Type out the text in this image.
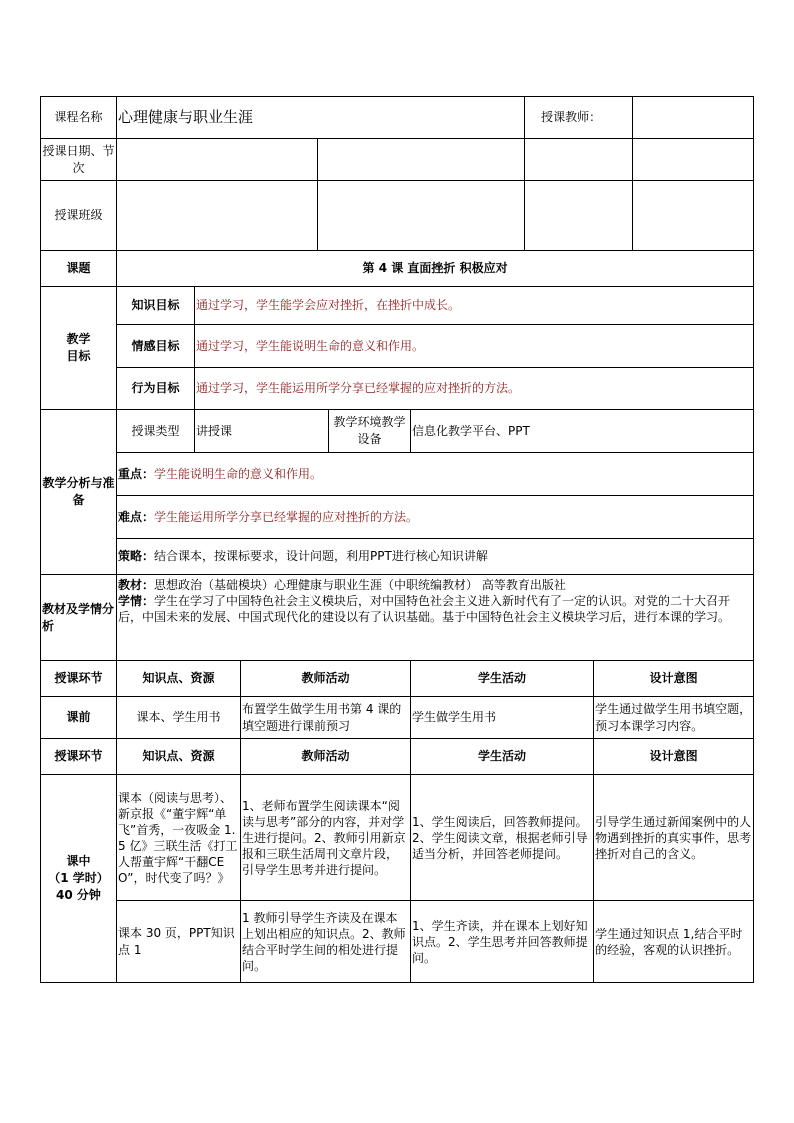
课程名称	心理健康与职业生涯						授课教师：		
授课日期、节次									
授课班级									
课题	第 4 课 直面挫折 积极应对								
教学目标	知识目标	通过学习，学生能学会应对挫折，在挫折中成长。							
	情感目标	通过学习，学生能说明生命的意义和作用。							
	行为目标	通过学习，学生能运用所学分享已经掌握的应对挫折的方法。							
教学分析与准备	授课类型	讲授课			教学环境教学设备	信息化教学平台、PPT			
	重点：学生能说明生命的意义和作用。								
	难点：学生能运用所学分享已经掌握的应对挫折的方法。								
	策略：结合课本，按课标要求，设计问题，利用PPT进行核心知识讲解								
教材及学情分析	教材：思想政治（基础模块）心理健康与职业生涯（中职统编教材） 高等教育出版社
学情：学生在学习了中国特色社会主义模块后，对中国特色社会主义进入新时代有了一定的认识。对党的二十大召开后，中国未来的发展、中国式现代化的建设以有了认识基础。基于中国特色社会主义模块学习后，进行本课的学习。								

授课环节	知识点、资源		教师活动			学生活动		设计意图	
课前	课本、学生用书		布置学生做学生用书第 4 课的填空题进行课前预习			学生做学生用书		学生通过做学生用书填空题，预习本课学习内容。	
授课环节	知识点、资源		教师活动			学生活动		设计意图	

课中
（1 学时）
40 分钟	课本（阅读与思考）、新京报《“董宇辉“单飞”首秀，一夜吸金 1.5 亿》三联生活《打工人帮董宇辉“干翻CEO”，时代变了吗？》		1、老师布置学生阅读课本“阅读与思考”部分的内容，并对学生进行提问。2、教师引用新京报和三联生活周刊文章片段，引导学生思考并进行提问。			1、学生阅读后，回答教师提问。2、学生阅读文章，根据老师引导适当分析，并回答老师提问。		引导学生通过新闻案例中的人物遇到挫折的真实事件，思考挫折对自己的含义。	
	课本 30 页，PPT知识点 1		1 教师引导学生齐读及在课本上划出相应的知识点。2、教师结合平时学生间的相处进行提问。			1、学生齐读，并在课本上划好知识点。2、学生思考并回答教师提问。		学生通过知识点 1,结合平时的经验，客观的认识挫折。	
